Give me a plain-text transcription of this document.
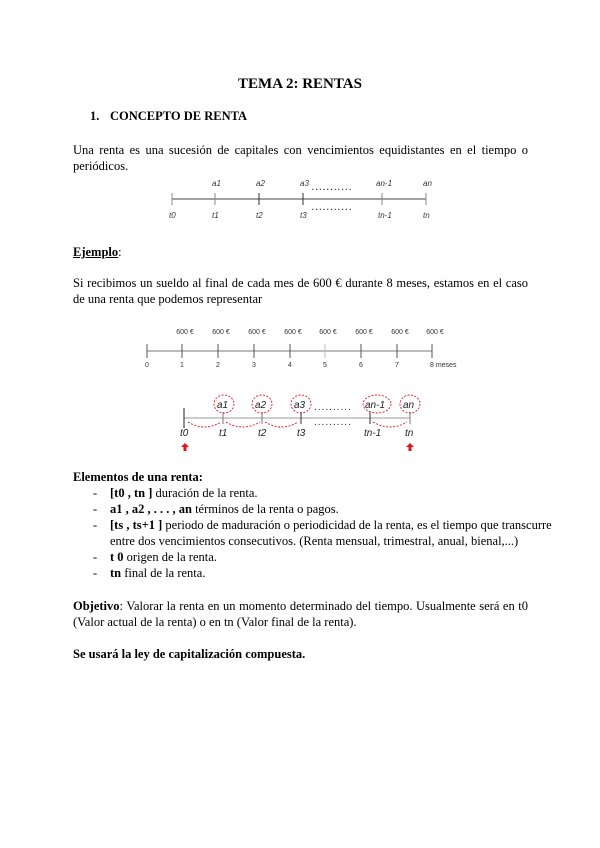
TEMA 2: RENTAS
1. CONCEPTO DE RENTA
Una renta es una sucesión de capitales con vencimientos equidistantes en el tiempo o periódicos.
a1	a2	a3	an-1	an
t0	t1	t2	t3	tn-1	tn
...........
...........
600 €	600 €	600 €	600 € 600 €	600 €	600 € 600 €
0	1	2	3	4	5	6	7	8 meses
a1	a2	a3	an-1 an
t0	t1	t2	t3	tn-1 tn
..........
..........
Ejemplo:
Si recibimos un sueldo al final de cada mes de 600 € durante 8 meses, estamos en el caso de una renta que podemos representar
Elementos de una renta:
- [t0 , tn ] duración de la renta.
- a1 , a2 , . . . , an términos de la renta o pagos.
- [ts , ts+1 ] periodo de maduración o periodicidad de la renta, es el tiempo que transcurre
entre dos vencimientos consecutivos. (Renta mensual, trimestral, anual, bienal,...)
- t 0 origen de la renta.
- tn final de la renta.
Objetivo: Valorar la renta en un momento determinado del tiempo. Usualmente será en t0 (Valor actual de la renta) o en tn (Valor final de la renta).
Se usará la ley de capitalización compuesta.
